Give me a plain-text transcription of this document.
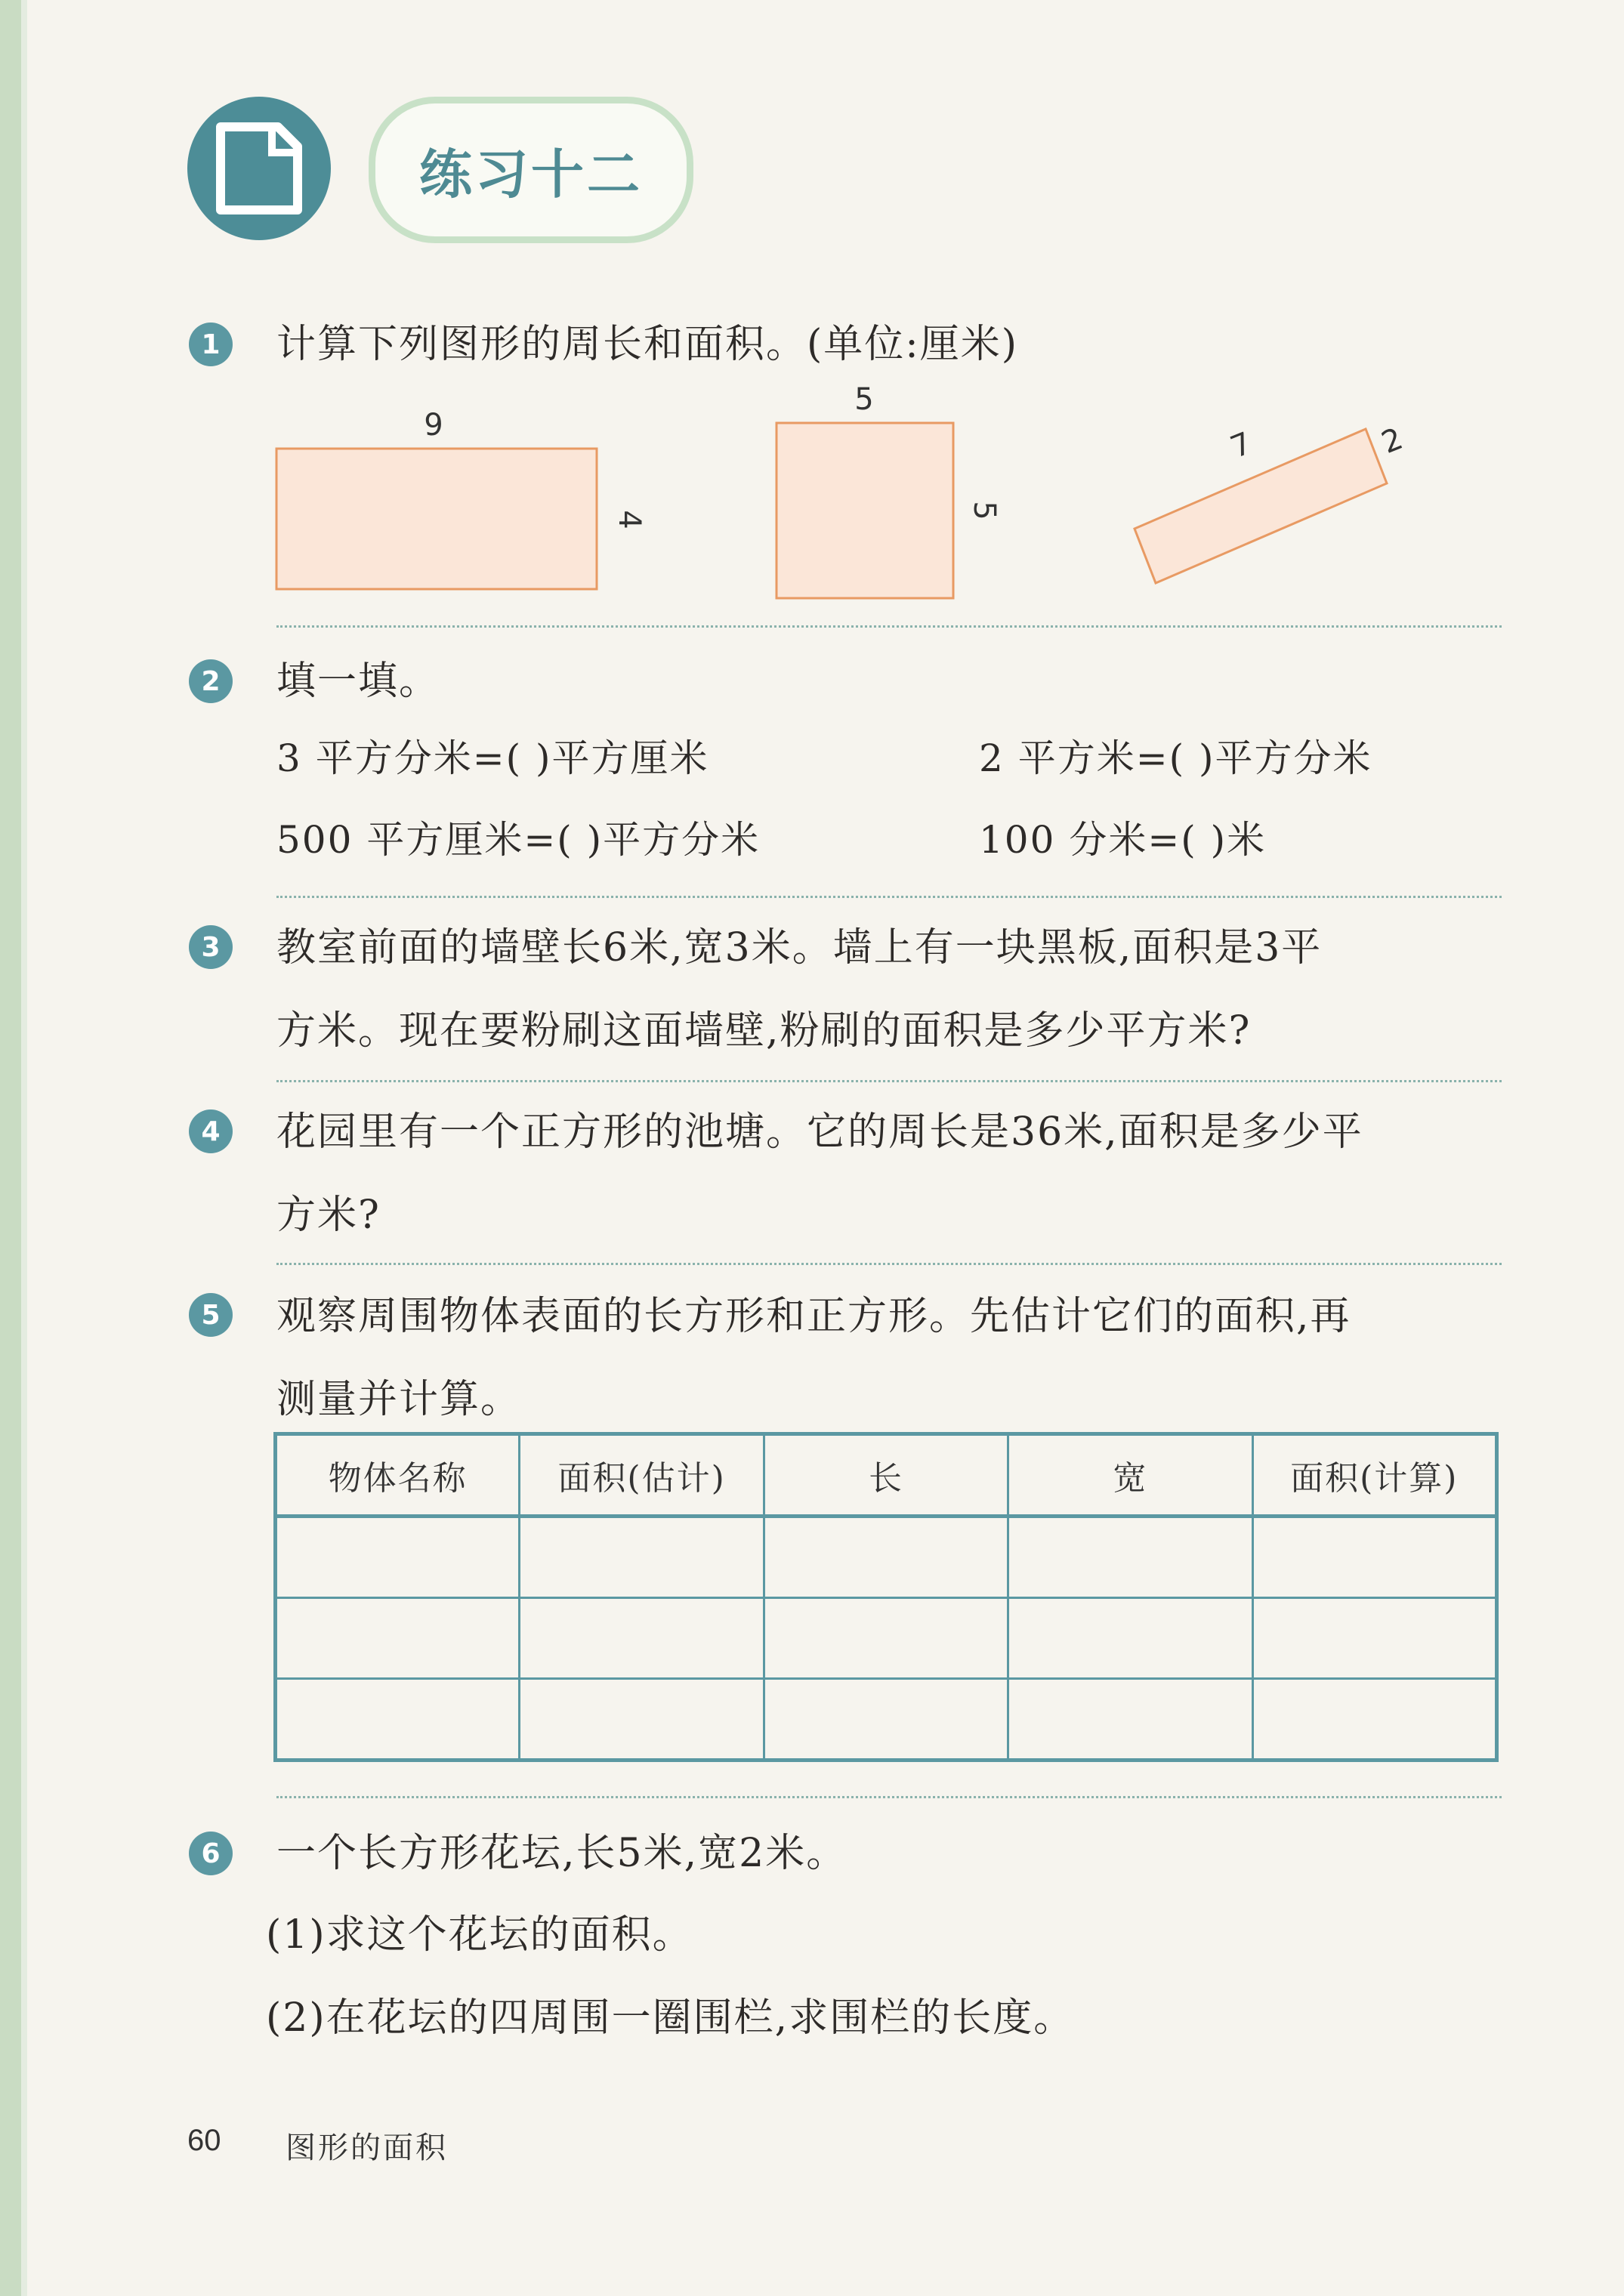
练习十二
1	计算下列图形的周长和面积。(单位:厘米)
9
4
5
5
7	2
2	填一填。
3 平方分米=( )平方厘米	2 平方米=( )平方分米
500 平方厘米=( )平方分米	100 分米=( )米
3	教室前面的墙壁长6米,宽3米。墙上有一块黑板,面积是3平
方米。现在要粉刷这面墙壁,粉刷的面积是多少平方米?
4	花园里有一个正方形的池塘。它的周长是36米,面积是多少平
方米?
5	观察周围物体表面的长方形和正方形。先估计它们的面积,再
测量并计算。
物体名称	面积(估计)	长	宽	面积(计算)

6	一个长方形花坛,长5米,宽2米。
(1)求这个花坛的面积。
(2)在花坛的四周围一圈围栏,求围栏的长度。
60 图形的面积
